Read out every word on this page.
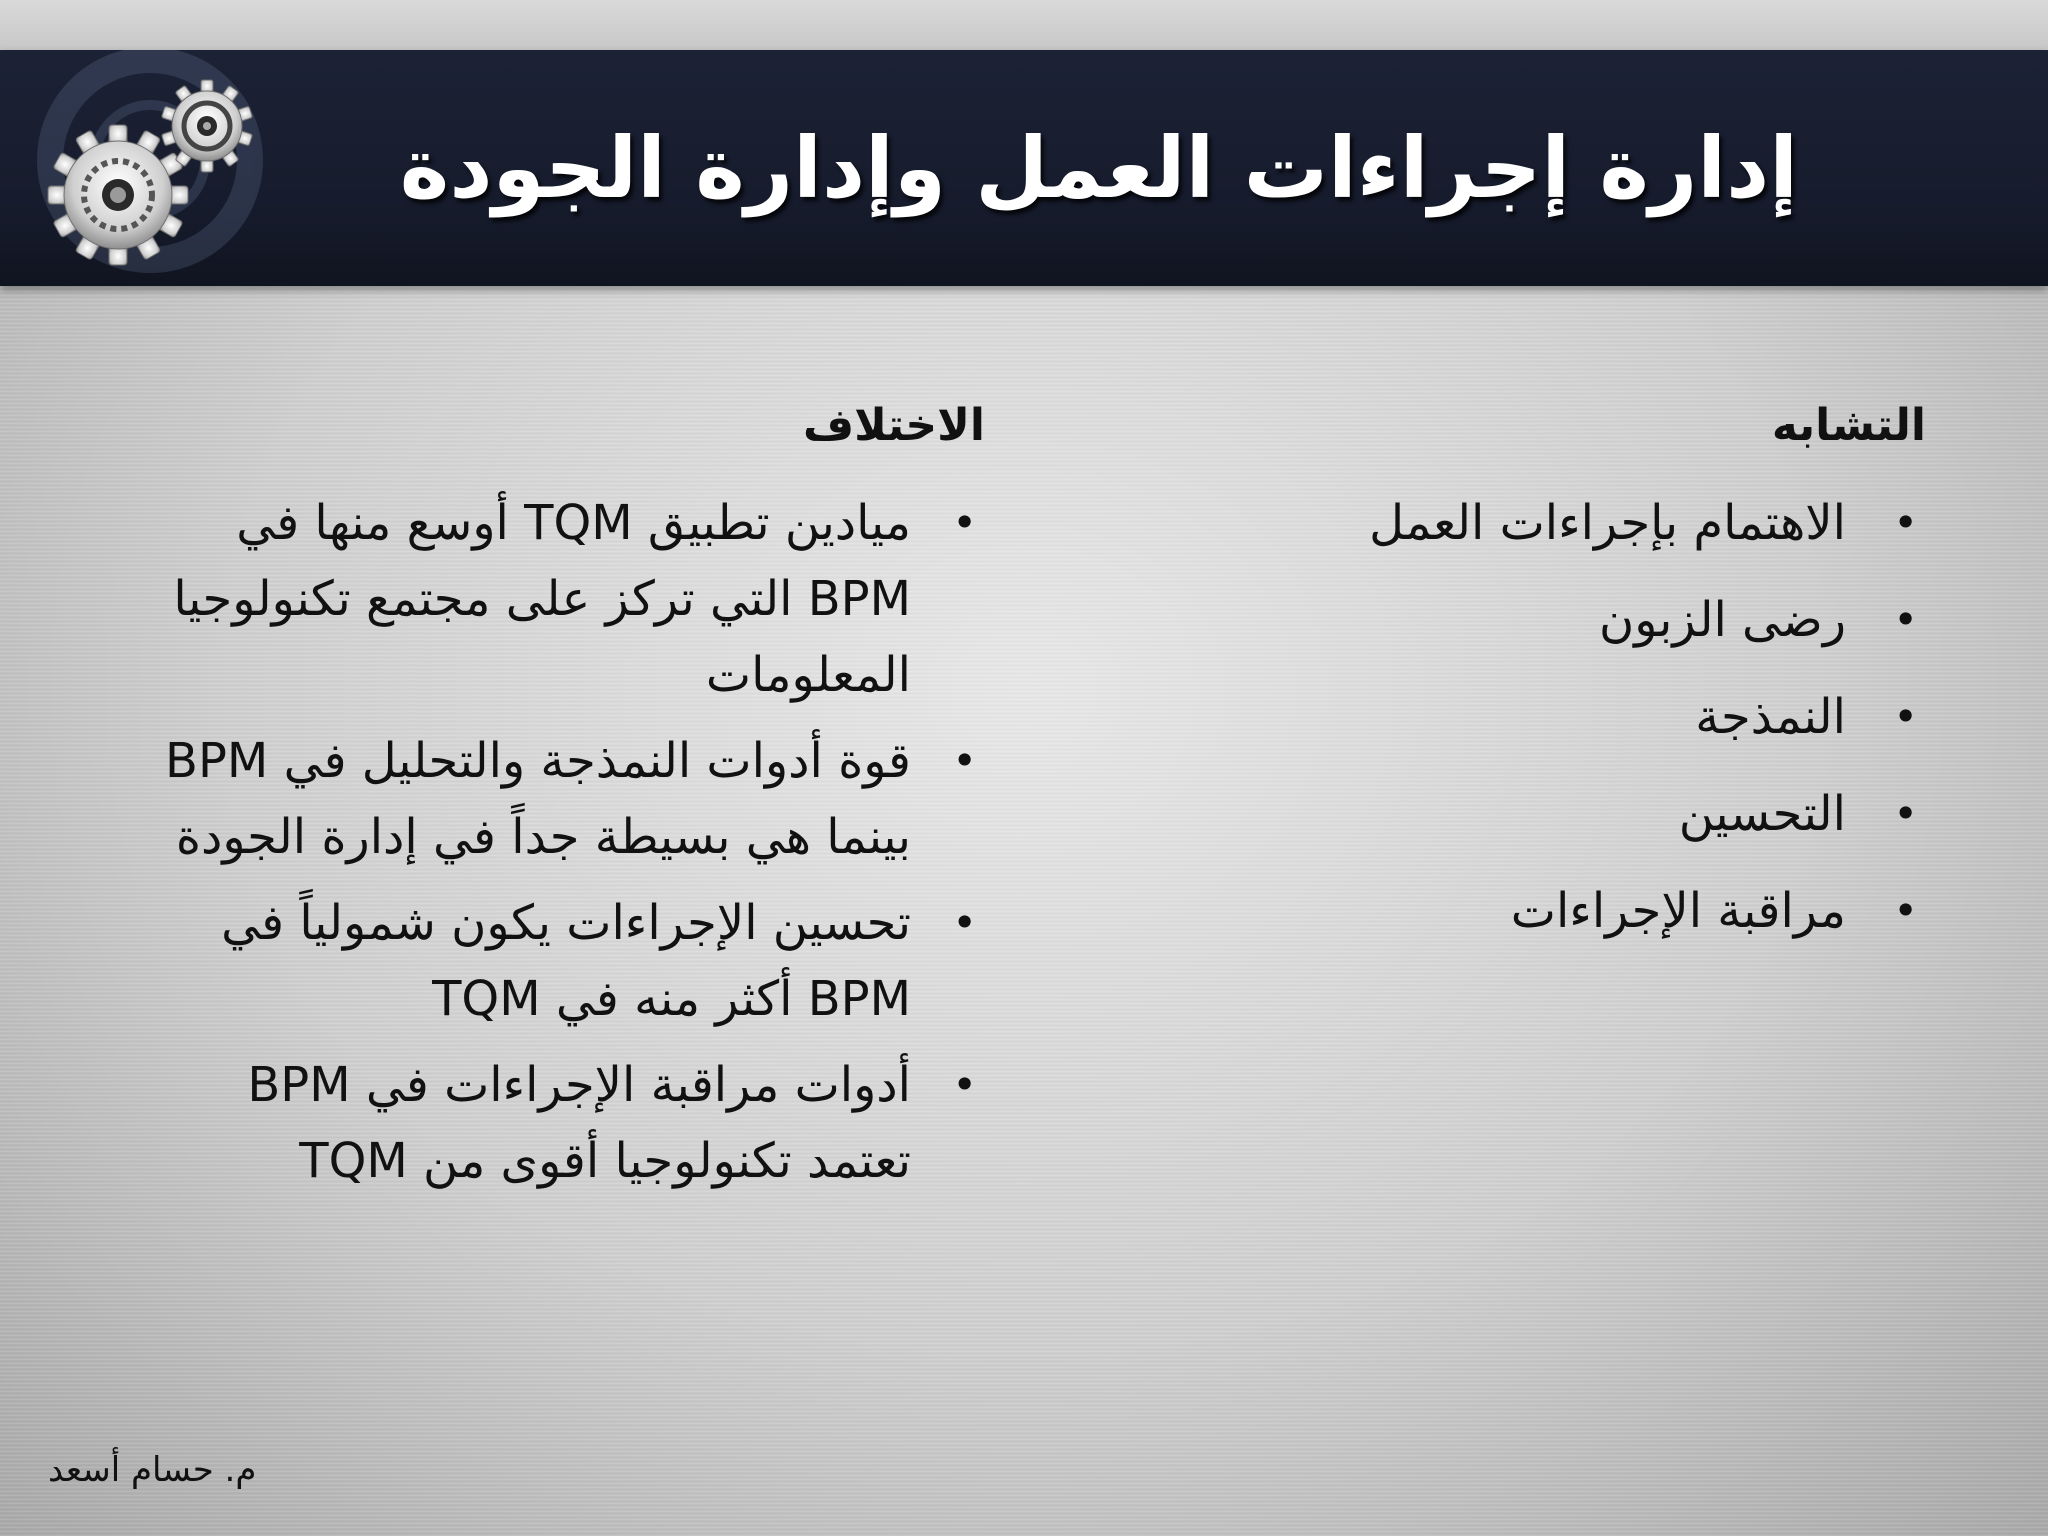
إدارة إجراءات العمل وإدارة الجودة
التشابه
•
الاهتمام بإجراءات العمل
•
رضى الزبون
•
النمذجة
•
التحسين
•
مراقبة الإجراءات
الاختلاف
•
ميادين تطبيق TQM أوسع منها في BPM التي تركز على مجتمع تكنولوجيا المعلومات
•
قوة أدوات النمذجة والتحليل في BPM بينما هي بسيطة جداً في إدارة الجودة
•
تحسين الإجراءات يكون شمولياً في BPM أكثر منه في TQM
•
أدوات مراقبة الإجراءات في BPM تعتمد تكنولوجيا أقوى من TQM
م. حسام أسعد
